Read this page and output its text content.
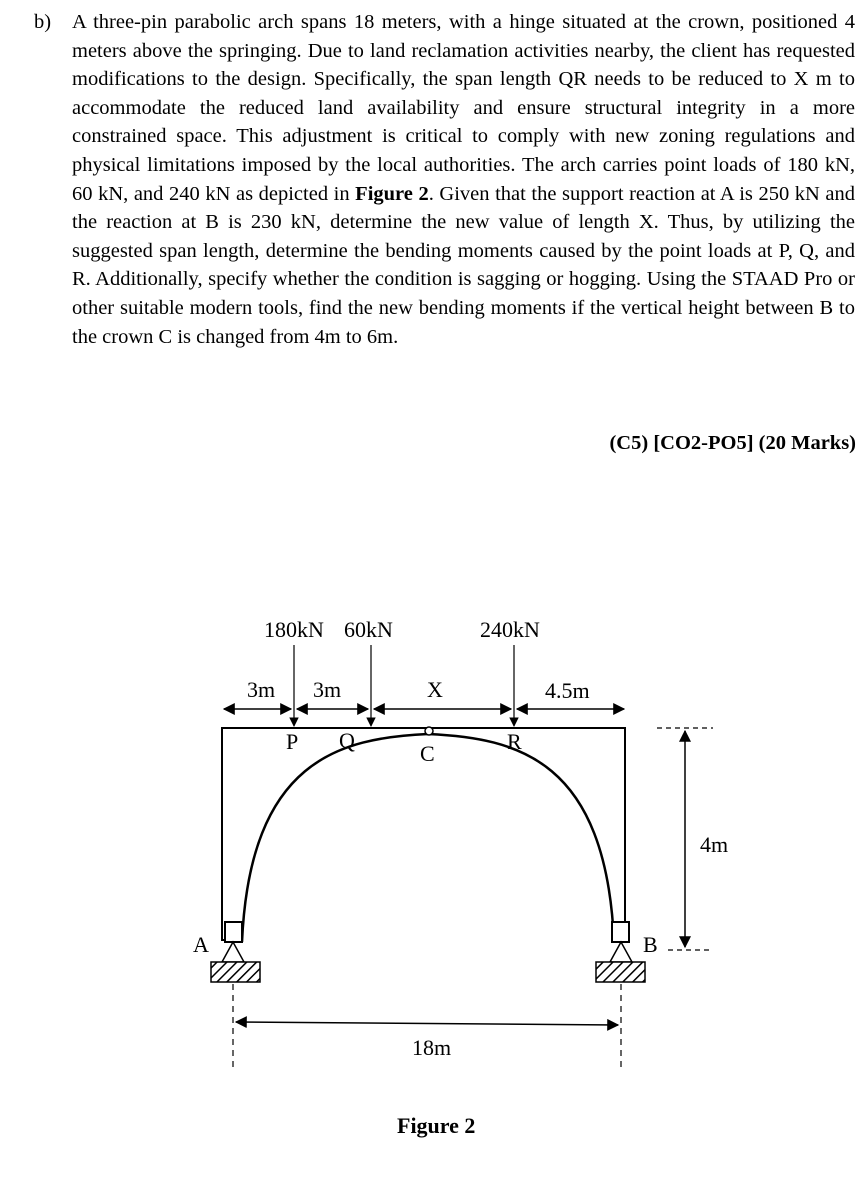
b) A three-pin parabolic arch spans 18 meters, with a hinge situated at the crown, positioned 4 meters above the springing. Due to land reclamation activities nearby, the client has requested modifications to the design. Specifically, the span length QR needs to be reduced to X m to accommodate the reduced land availability and ensure structural integrity in a more constrained space. This adjustment is critical to comply with new zoning regulations and physical limitations imposed by the local authorities. The arch carries point loads of 180 kN, 60 kN, and 240 kN as depicted in Figure 2. Given that the support reaction at A is 250 kN and the reaction at B is 230 kN, determine the new value of length X. Thus, by utilizing the suggested span length, determine the bending moments caused by the point loads at P, Q, and R. Additionally, specify whether the condition is sagging or hogging. Using the STAAD Pro or other suitable modern tools, find the new bending moments if the vertical height between B to the crown C is changed from 4m to 6m.
(C5) [CO2-PO5] (20 Marks)
180kN 60kN	240kN
3m 3m	X	4.5m
4m
18m
P Q
C	R
A	B
Figure 2
